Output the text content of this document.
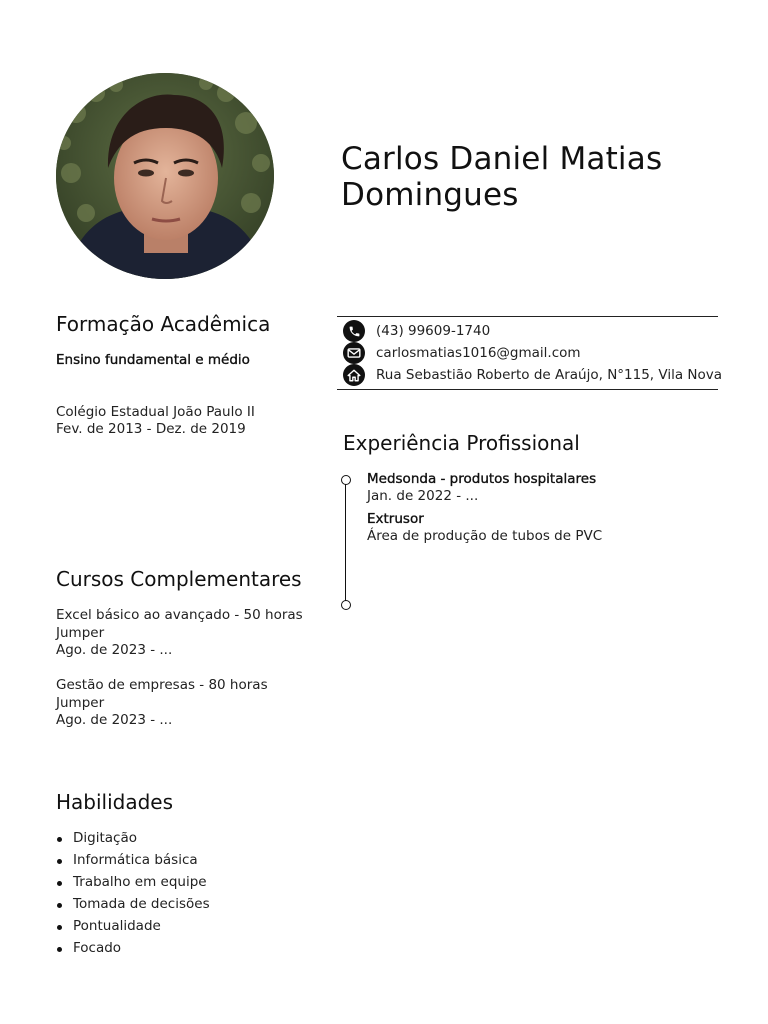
Carlos Daniel Matias
Domingues
Formação Acadêmica
Ensino fundamental e médio
Colégio Estadual João Paulo II
Fev. de 2013 - Dez. de 2019
(43) 99609-1740
carlosmatias1016@gmail.com
Rua Sebastião Roberto de Araújo, N°115, Vila Nova
Experiência Profissional
Medsonda - produtos hospitalares
Jan. de 2022 - ...
Extrusor
Área de produção de tubos de PVC
Cursos Complementares
Excel básico ao avançado - 50 horas
Jumper
Ago. de 2023 - ...
Gestão de empresas - 80 horas
Jumper
Ago. de 2023 - ...
Habilidades
Digitação
Informática básica
Trabalho em equipe
Tomada de decisões
Pontualidade
Focado
